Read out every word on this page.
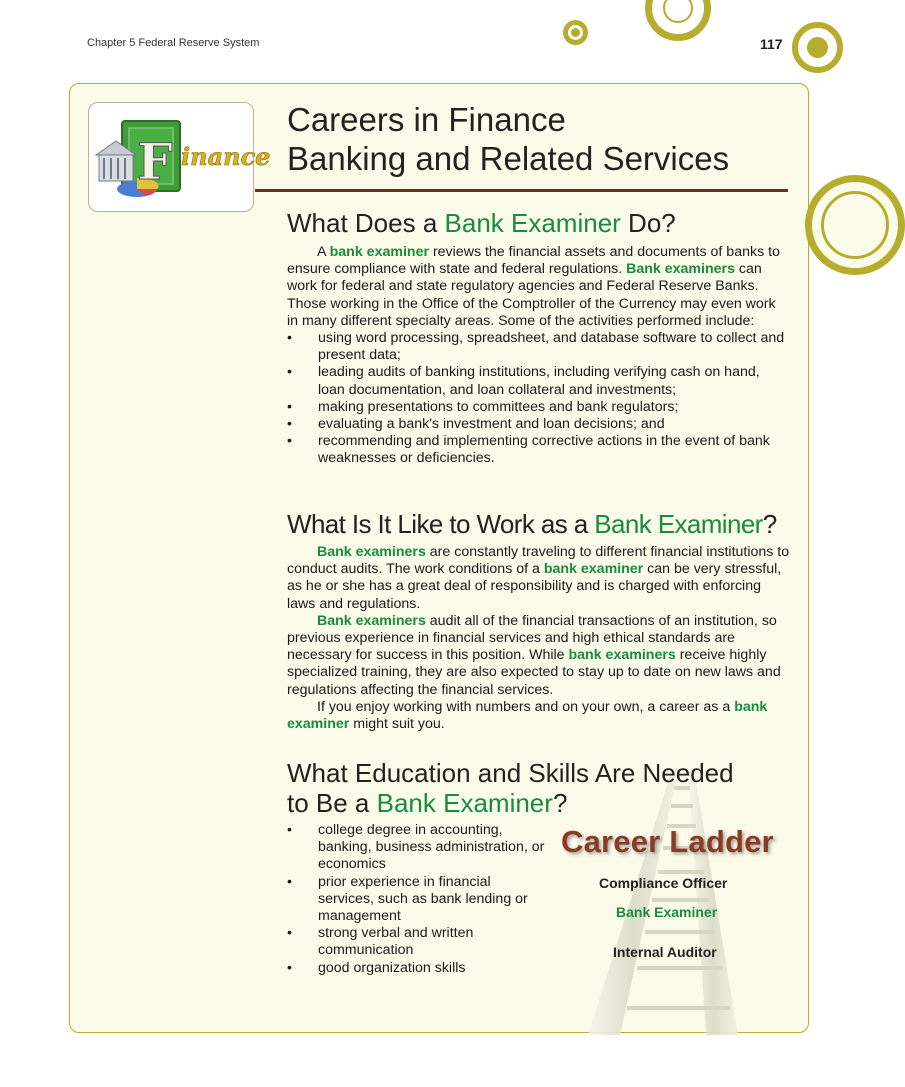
Chapter 5 Federal Reserve System	117
F inance
Careers in Finance
Banking and Related Services
What Does a Bank Examiner Do?

A bank examiner reviews the financial assets and documents of banks to ensure compliance with state and federal regulations. Bank examiners can work for federal and state regulatory agencies and Federal Reserve Banks. Those working in the Office of the Comptroller of the Currency may even work in many different specialty areas. Some of the activities performed include:

• using word processing, spreadsheet, and database software to collect and present data;
• leading audits of banking institutions, including verifying cash on hand, loan documentation, and loan collateral and investments;
• making presentations to committees and bank regulators;
• evaluating a bank's investment and loan decisions; and
• recommending and implementing corrective actions in the event of bank weaknesses or deficiencies.
What Is It Like to Work as a Bank Examiner?

Bank examiners are constantly traveling to different financial institutions to conduct audits. The work conditions of a bank examiner can be very stressful, as he or she has a great deal of responsibility and is charged with enforcing laws and regulations.

Bank examiners audit all of the financial transactions of an institution, so previous experience in financial services and high ethical standards are necessary for success in this position. While bank examiners receive highly specialized training, they are also expected to stay up to date on new laws and regulations affecting the financial services.

If you enjoy working with numbers and on your own, a career as a bank examiner might suit you.

What Education and Skills Are Needed
to Be a Bank Examiner?
• college degree in accounting, banking, business administration, or economics
• prior experience in financial services, such as bank lending or management
• strong verbal and written communication
• good organization skills
Career Ladder
Compliance Officer
Bank Examiner
Internal Auditor
